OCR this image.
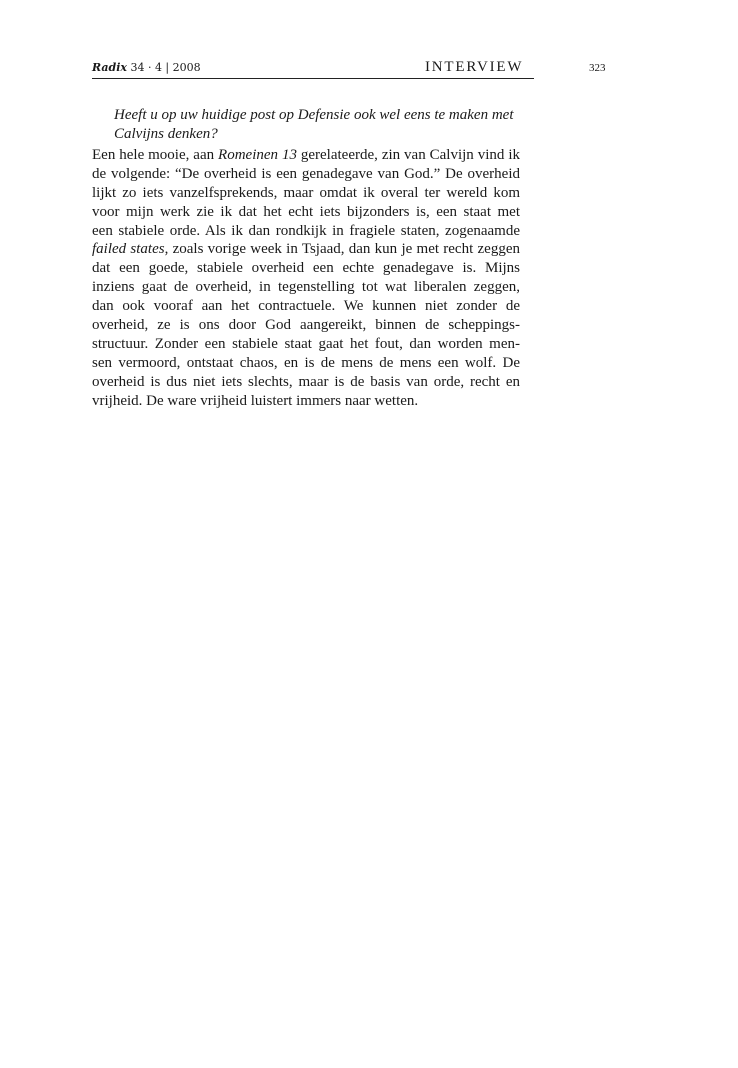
Radix 34 · 4 | 2008	INTERVIEW	323
Heeft u op uw huidige post op Defensie ook wel eens te maken met
Calvijns denken?
Een hele mooie, aan Romeinen 13 gerelateerde, zin van Calvijn vind ik
de volgende: “De overheid is een genadegave van God.” De overheid
lijkt zo iets vanzelfsprekends, maar omdat ik overal ter wereld kom
voor mijn werk zie ik dat het echt iets bijzonders is, een staat met
een stabiele orde. Als ik dan rondkijk in fragiele staten, zogenaamde
failed states, zoals vorige week in Tsjaad, dan kun je met recht zeggen
dat een goede, stabiele overheid een echte genadegave is. Mijns
inziens gaat de overheid, in tegenstelling tot wat liberalen zeggen,
dan ook vooraf aan het contractuele. We kunnen niet zonder de
overheid, ze is ons door God aangereikt, binnen de scheppings-
structuur. Zonder een stabiele staat gaat het fout, dan worden men-
sen vermoord, ontstaat chaos, en is de mens de mens een wolf. De
overheid is dus niet iets slechts, maar is de basis van orde, recht en
vrijheid. De ware vrijheid luistert immers naar wetten.
